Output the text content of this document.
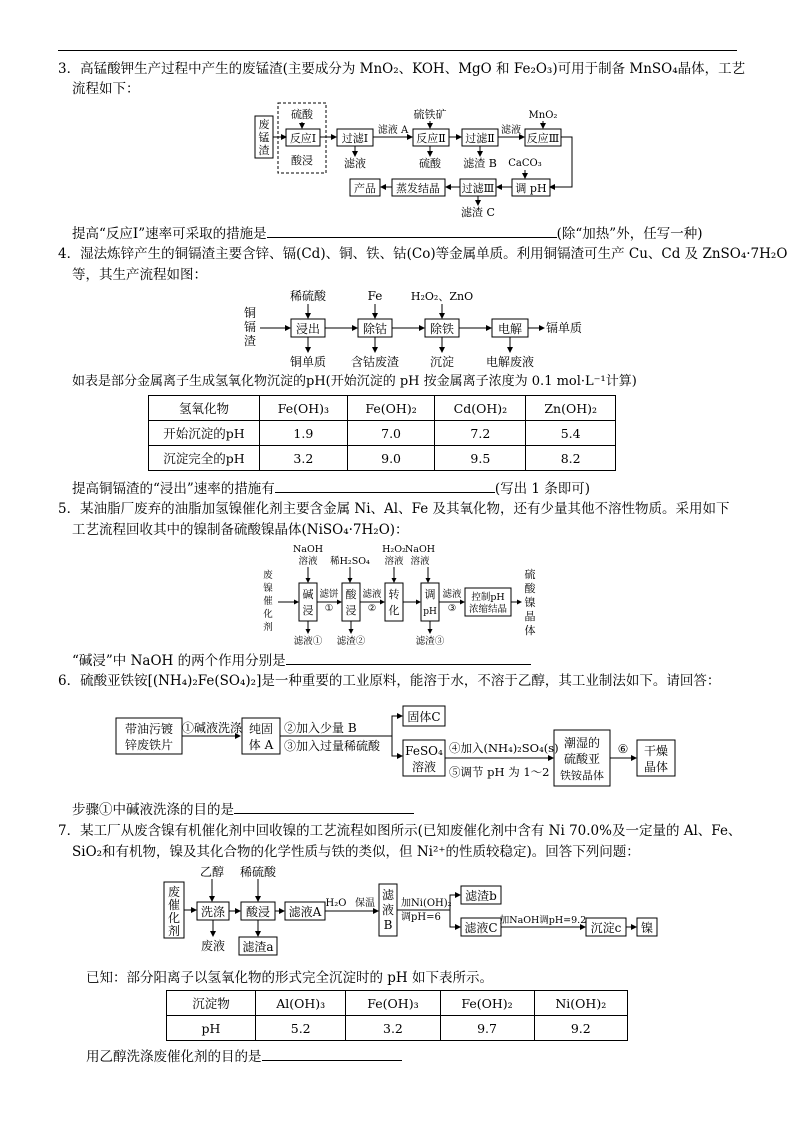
3．高锰酸钾生产过程中产生的废锰渣(主要成分为 MnO₂、KOH、MgO 和 Fe₂O₃)可用于制备 MnSO₄晶体，工艺
流程如下：
废
锰
渣
硫酸
反应Ⅰ
酸浸
过滤Ⅰ
滤液
滤液 A
硫铁矿
反应Ⅱ
硫酸
过滤Ⅱ
滤渣 B
滤液
MnO₂
反应Ⅲ
CaCO₃
调 pH
过滤Ⅲ
滤渣 C
蒸发结晶
产品
提高“反应Ⅰ”速率可采取的措施是	(除“加热”外，任写一种)
4．湿法炼锌产生的铜镉渣主要含锌、镉(Cd)、铜、铁、钴(Co)等金属单质。利用铜镉渣可生产 Cu、Cd 及 ZnSO₄·7H₂O
等，其生产流程如图：
铜
镉
渣
稀硫酸
浸出
铜单质
Fe
除钴
含钴废渣
H₂O₂、ZnO
除铁
沉淀
电解
电解废液
镉单质
如表是部分金属离子生成氢氧化物沉淀的pH(开始沉淀的 pH 按金属离子浓度为 0.1 mol·L⁻¹计算)
氢氧化物	Fe(OH)₃	Fe(OH)₂	Cd(OH)₂	Zn(OH)₂
开始沉淀的pH	1.9	7.0	7.2	5.4
沉淀完全的pH	3.2	9.0	9.5	8.2
提高铜镉渣的“浸出”速率的措施有	(写出 1 条即可)
5．某油脂厂废弃的油脂加氢镍催化剂主要含金属 Ni、Al、Fe 及其氧化物，还有少量其他不溶性物质。采用如下
工艺流程回收其中的镍制备硫酸镍晶体(NiSO₄·7H₂O)：
废
镍
催
化
剂
NaOH
溶液
碱
浸
滤液①
滤饼
①
稀H₂SO₄
酸
浸
滤渣②
滤液
②
H₂O₂
溶液
转
化
NaOH
溶液
调
pH
滤渣③
滤液
③
控制pH
浓缩结晶
硫
酸
镍
晶
体
“碱浸”中 NaOH 的两个作用分别是
6．硫酸亚铁铵[(NH₄)₂Fe(SO₄)₂]是一种重要的工业原料，能溶于水，不溶于乙醇，其工业制法如下。请回答：
带油污镀
锌废铁片
①碱液洗涤 纯固
体 A
②加入少量 B
③加入过量稀硫酸
固体C
FeSO₄
溶液
④加入(NH₄)₂SO₄(s)
⑤调节 pH 为 1～2
潮湿的
硫酸亚
铁铵晶体
⑥ 干燥
晶体
步骤①中碱液洗涤的目的是
7．某工厂从废含镍有机催化剂中回收镍的工艺流程如图所示(已知废催化剂中含有 Ni 70.0%及一定量的 Al、Fe、
SiO₂和有机物，镍及其化合物的化学性质与铁的类似，但 Ni²⁺的性质较稳定)。回答下列问题：
废
催
化
剂
乙醇
洗涤
废液
稀硫酸
酸浸
滤渣a
滤液A
H₂O 保温
滤
液
B
加Ni(OH)₂
调pH=6
滤渣b
滤液C
加NaOH调pH=9.2
沉淀c 镍
已知：部分阳离子以氢氧化物的形式完全沉淀时的 pH 如下表所示。
沉淀物	Al(OH)₃	Fe(OH)₃	Fe(OH)₂	Ni(OH)₂
pH	5.2	3.2	9.7	9.2
用乙醇洗涤废催化剂的目的是
